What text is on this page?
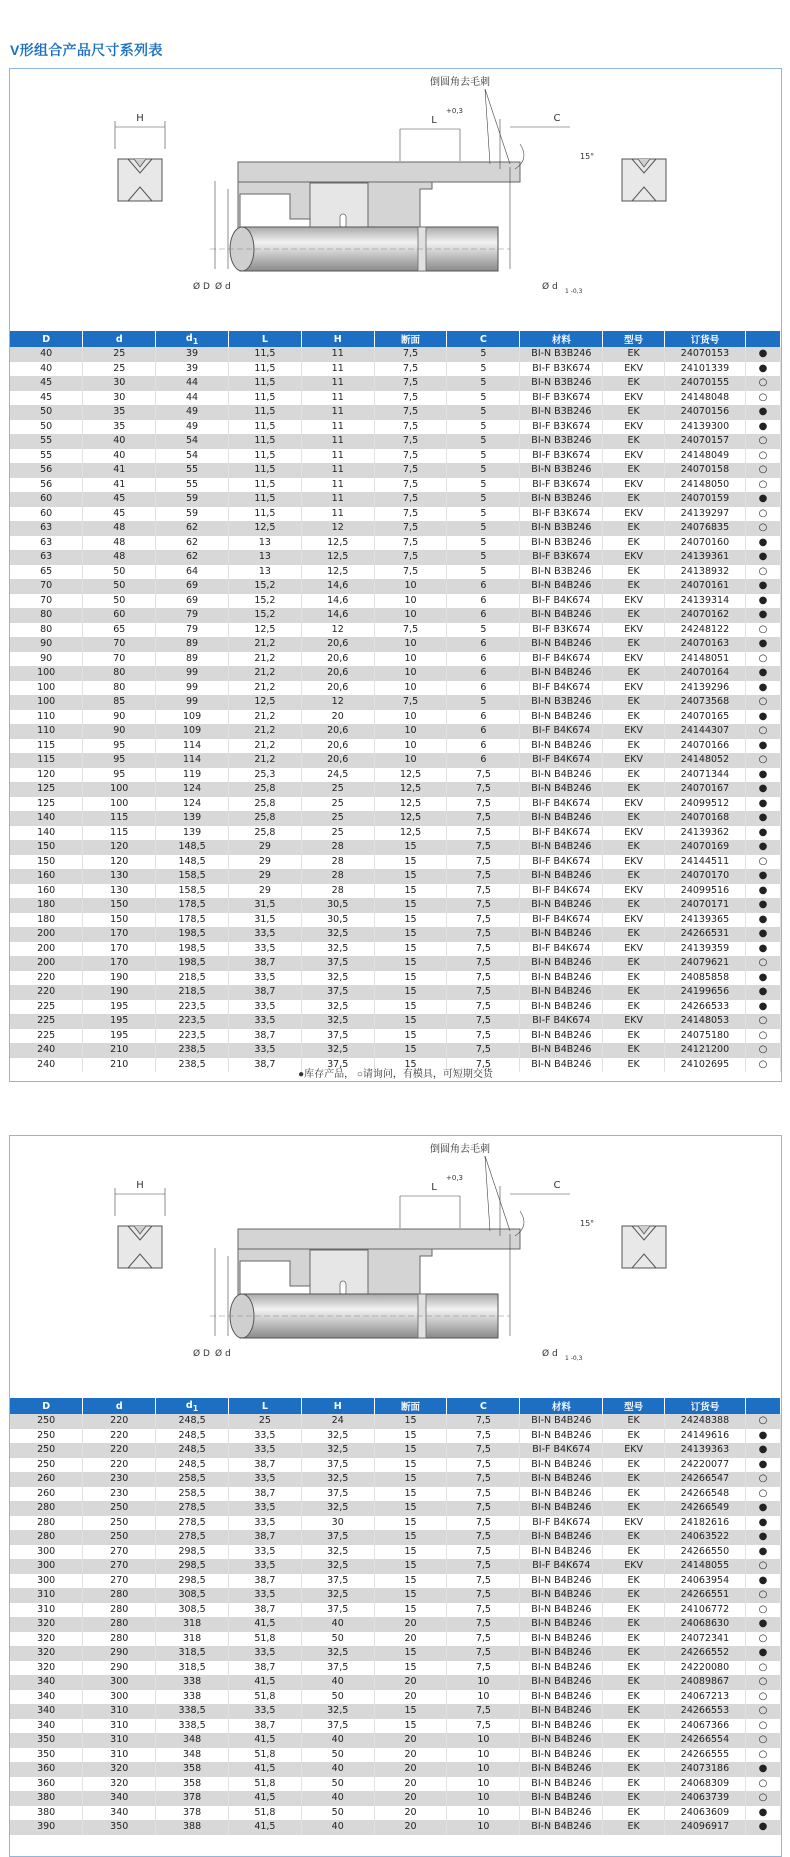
V形组合产品尺寸系列表
倒圆角去毛刺
H	L
+0,3
C
15°
Ø D Ø d	Ø d 1 -0,3
D	d	$d_1$	L	H	断面	C	材料	型号	订货号	
40	25	39	11,5	11	7,5	5	BI-N B3B246	EK	24070153	●
40	25	39	11,5	11	7,5	5	BI-F B3K674	EKV	24101339	●
45	30	44	11,5	11	7,5	5	BI-N B3B246	EK	24070155	○
45	30	44	11,5	11	7,5	5	BI-F B3K674	EKV	24148048	○
50	35	49	11,5	11	7,5	5	BI-N B3B246	EK	24070156	●
50	35	49	11,5	11	7,5	5	BI-F B3K674	EKV	24139300	●
55	40	54	11,5	11	7,5	5	BI-N B3B246	EK	24070157	○
55	40	54	11,5	11	7,5	5	BI-F B3K674	EKV	24148049	○
56	41	55	11,5	11	7,5	5	BI-N B3B246	EK	24070158	○
56	41	55	11,5	11	7,5	5	BI-F B3K674	EKV	24148050	○
60	45	59	11,5	11	7,5	5	BI-N B3B246	EK	24070159	●
60	45	59	11,5	11	7,5	5	BI-F B3K674	EKV	24139297	○
63	48	62	12,5	12	7,5	5	BI-N B3B246	EK	24076835	○
63	48	62	13	12,5	7,5	5	BI-N B3B246	EK	24070160	●
63	48	62	13	12,5	7,5	5	BI-F B3K674	EKV	24139361	●
65	50	64	13	12,5	7,5	5	BI-N B3B246	EK	24138932	○
70	50	69	15,2	14,6	10	6	BI-N B4B246	EK	24070161	●
70	50	69	15,2	14,6	10	6	BI-F B4K674	EKV	24139314	●
80	60	79	15,2	14,6	10	6	BI-N B4B246	EK	24070162	●
80	65	79	12,5	12	7,5	5	BI-F B3K674	EKV	24248122	○
90	70	89	21,2	20,6	10	6	BI-N B4B246	EK	24070163	●
90	70	89	21,2	20,6	10	6	BI-F B4K674	EKV	24148051	○
100	80	99	21,2	20,6	10	6	BI-N B4B246	EK	24070164	●
100	80	99	21,2	20,6	10	6	BI-F B4K674	EKV	24139296	●
100	85	99	12,5	12	7,5	5	BI-N B3B246	EK	24073568	○
110	90	109	21,2	20	10	6	BI-N B4B246	EK	24070165	●
110	90	109	21,2	20,6	10	6	BI-F B4K674	EKV	24144307	○
115	95	114	21,2	20,6	10	6	BI-N B4B246	EK	24070166	●
115	95	114	21,2	20,6	10	6	BI-F B4K674	EKV	24148052	○
120	95	119	25,3	24,5	12,5	7,5	BI-N B4B246	EK	24071344	●
125	100	124	25,8	25	12,5	7,5	BI-N B4B246	EK	24070167	●
125	100	124	25,8	25	12,5	7,5	BI-F B4K674	EKV	24099512	●
140	115	139	25,8	25	12,5	7,5	BI-N B4B246	EK	24070168	●
140	115	139	25,8	25	12,5	7,5	BI-F B4K674	EKV	24139362	●
150	120	148,5	29	28	15	7,5	BI-N B4B246	EK	24070169	●
150	120	148,5	29	28	15	7,5	BI-F B4K674	EKV	24144511	○
160	130	158,5	29	28	15	7,5	BI-N B4B246	EK	24070170	●
160	130	158,5	29	28	15	7,5	BI-F B4K674	EKV	24099516	●
180	150	178,5	31,5	30,5	15	7,5	BI-N B4B246	EK	24070171	●
180	150	178,5	31,5	30,5	15	7,5	BI-F B4K674	EKV	24139365	●
200	170	198,5	33,5	32,5	15	7,5	BI-N B4B246	EK	24266531	●
200	170	198,5	33,5	32,5	15	7,5	BI-F B4K674	EKV	24139359	●
200	170	198,5	38,7	37,5	15	7,5	BI-N B4B246	EK	24079621	○
220	190	218,5	33,5	32,5	15	7,5	BI-N B4B246	EK	24085858	●
220	190	218,5	38,7	37,5	15	7,5	BI-N B4B246	EK	24199656	●
225	195	223,5	33,5	32,5	15	7,5	BI-N B4B246	EK	24266533	●
225	195	223,5	33,5	32,5	15	7,5	BI-F B4K674	EKV	24148053	○
225	195	223,5	38,7	37,5	15	7,5	BI-N B4B246	EK	24075180	○
240	210	238,5	33,5	32,5	15	7,5	BI-N B4B246	EK	24121200	○
240	210	238,5	38,7	37,5	15	7,5	BI-N B4B246	EK	24102695	○
●库存产品， ○请询问，有模具，可短期交货
倒圆角去毛刺
H	L
+0,3
C
15°
Ø D Ø d	Ø d 1 -0,3
D	d	$d_1$	L	H	断面	C	材料	型号	订货号	
250	220	248,5	25	24	15	7,5	BI-N B4B246	EK	24248388	○
250	220	248,5	33,5	32,5	15	7,5	BI-N B4B246	EK	24149616	●
250	220	248,5	33,5	32,5	15	7,5	BI-F B4K674	EKV	24139363	●
250	220	248,5	38,7	37,5	15	7,5	BI-N B4B246	EK	24220077	●
260	230	258,5	33,5	32,5	15	7,5	BI-N B4B246	EK	24266547	○
260	230	258,5	38,7	37,5	15	7,5	BI-N B4B246	EK	24266548	○
280	250	278,5	33,5	32,5	15	7,5	BI-N B4B246	EK	24266549	●
280	250	278,5	33,5	30	15	7,5	BI-F B4K674	EKV	24182616	●
280	250	278,5	38,7	37,5	15	7,5	BI-N B4B246	EK	24063522	●
300	270	298,5	33,5	32,5	15	7,5	BI-N B4B246	EK	24266550	●
300	270	298,5	33,5	32,5	15	7,5	BI-F B4K674	EKV	24148055	○
300	270	298,5	38,7	37,5	15	7,5	BI-N B4B246	EK	24063954	●
310	280	308,5	33,5	32,5	15	7,5	BI-N B4B246	EK	24266551	○
310	280	308,5	38,7	37,5	15	7,5	BI-N B4B246	EK	24106772	○
320	280	318	41,5	40	20	7,5	BI-N B4B246	EK	24068630	●
320	280	318	51,8	50	20	7,5	BI-N B4B246	EK	24072341	○
320	290	318,5	33,5	32,5	15	7,5	BI-N B4B246	EK	24266552	●
320	290	318,5	38,7	37,5	15	7,5	BI-N B4B246	EK	24220080	○
340	300	338	41,5	40	20	10	BI-N B4B246	EK	24089867	○
340	300	338	51,8	50	20	10	BI-N B4B246	EK	24067213	○
340	310	338,5	33,5	32,5	15	7,5	BI-N B4B246	EK	24266553	○
340	310	338,5	38,7	37,5	15	7,5	BI-N B4B246	EK	24067366	○
350	310	348	41,5	40	20	10	BI-N B4B246	EK	24266554	○
350	310	348	51,8	50	20	10	BI-N B4B246	EK	24266555	○
360	320	358	41,5	40	20	10	BI-N B4B246	EK	24073186	●
360	320	358	51,8	50	20	10	BI-N B4B246	EK	24068309	○
380	340	378	41,5	40	20	10	BI-N B4B246	EK	24063739	○
380	340	378	51,8	50	20	10	BI-N B4B246	EK	24063609	●
390	350	388	41,5	40	20	10	BI-N B4B246	EK	24096917	●
